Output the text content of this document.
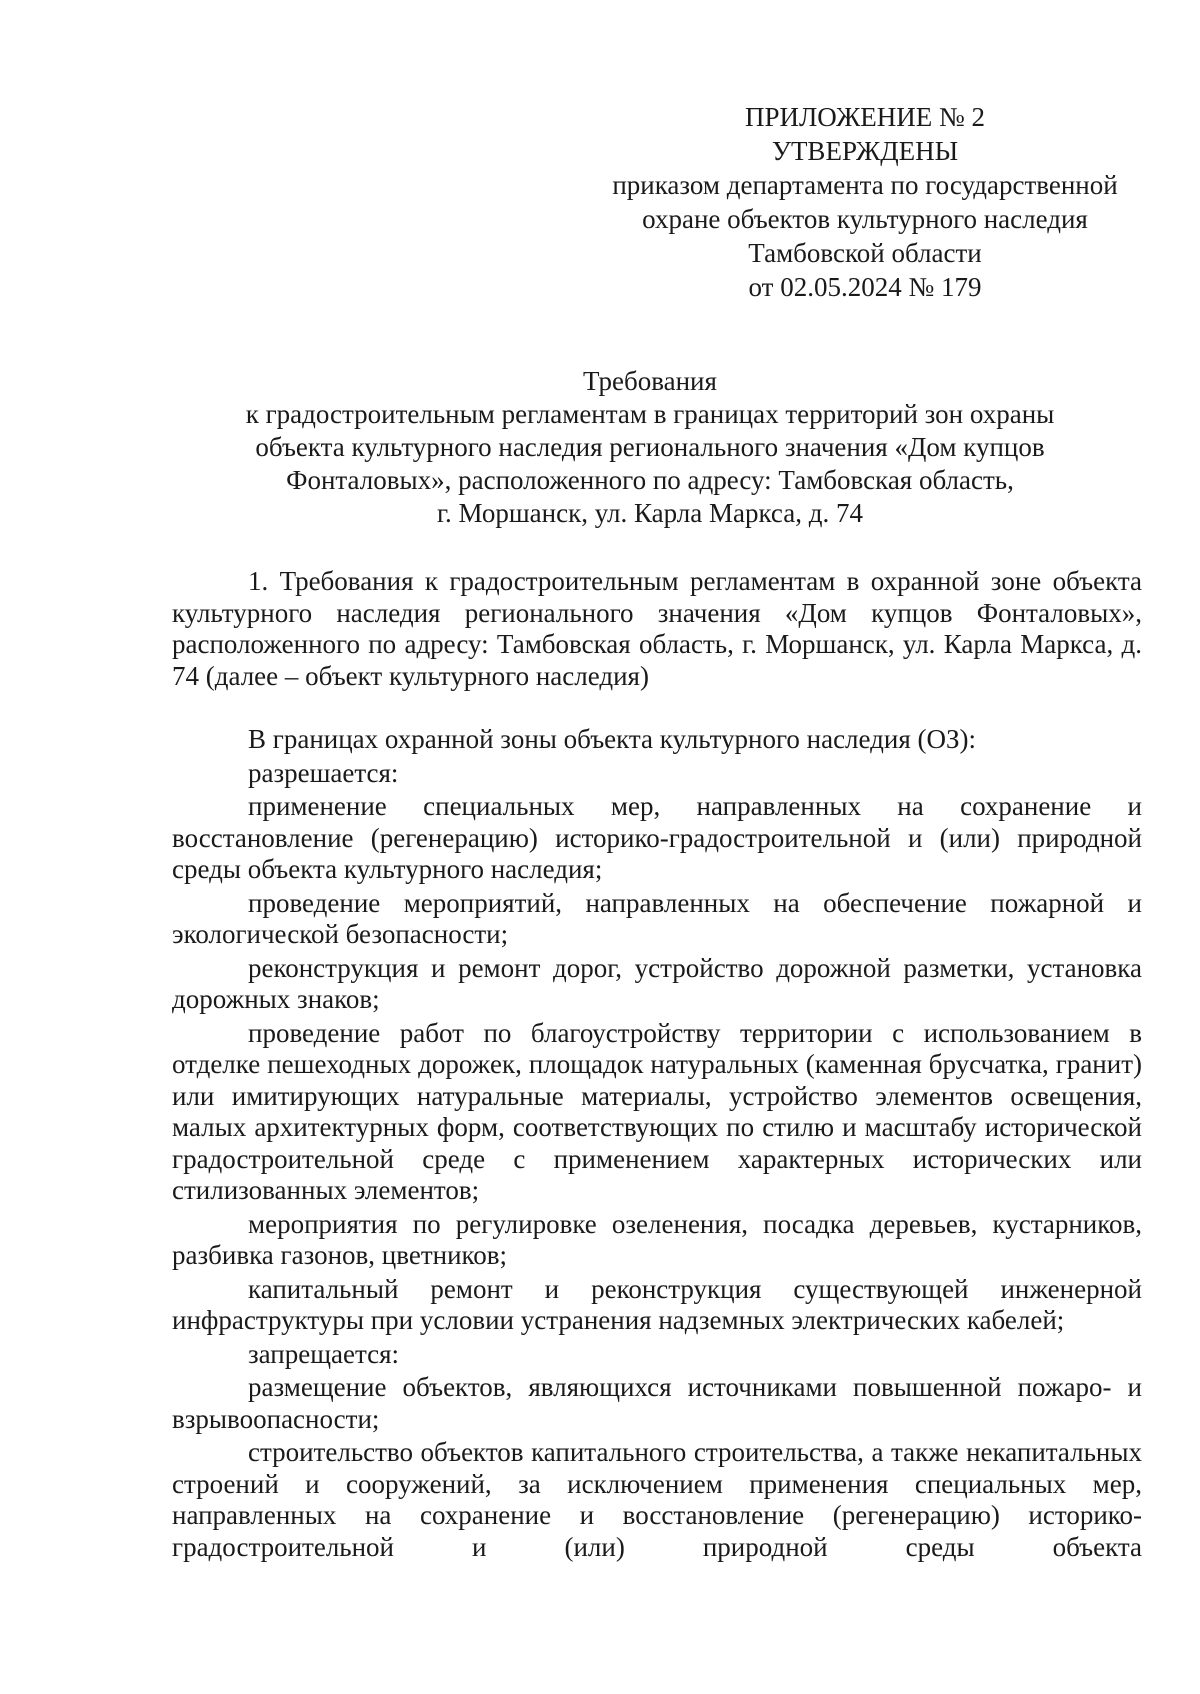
ПРИЛОЖЕНИЕ № 2
УТВЕРЖДЕНЫ
приказом департамента по государственной
охране объектов культурного наследия
Тамбовской области
от 02.05.2024 № 179
Требования
к градостроительным регламентам в границах территорий зон охраны
объекта культурного наследия регионального значения «Дом купцов
Фонталовых», расположенного по адресу: Тамбовская область,
г. Моршанск, ул. Карла Маркса, д. 74

1. Требования к градостроительным регламентам в охранной зоне объекта культурного наследия регионального значения «Дом купцов Фонталовых», расположенного по адресу: Тамбовская область, г. Моршанск, ул. Карла Маркса, д. 74 (далее – объект культурного наследия)

В границах охранной зоны объекта культурного наследия (ОЗ):

разрешается:

применение специальных мер, направленных на сохранение и восстановление (регенерацию) историко-градостроительной и (или) природной среды объекта культурного наследия;

проведение мероприятий, направленных на обеспечение пожарной и экологической безопасности;

реконструкция и ремонт дорог, устройство дорожной разметки, установка дорожных знаков;

проведение работ по благоустройству территории с использованием в отделке пешеходных дорожек, площадок натуральных (каменная брусчатка, гранит) или имитирующих натуральные материалы, устройство элементов освещения, малых архитектурных форм, соответствующих по стилю и масштабу исторической градостроительной среде с применением характерных исторических или стилизованных элементов;

мероприятия по регулировке озеленения, посадка деревьев, кустарников, разбивка газонов, цветников;

капитальный ремонт и реконструкция существующей инженерной инфраструктуры при условии устранения надземных электрических кабелей;

запрещается:

размещение объектов, являющихся источниками повышенной пожаро- и взрывоопасности;

строительство объектов капитального строительства, а также некапитальных строений и сооружений, за исключением применения специальных мер, направленных на сохранение и восстановление (регенерацию) историко-градостроительной и (или) природной среды объекта
